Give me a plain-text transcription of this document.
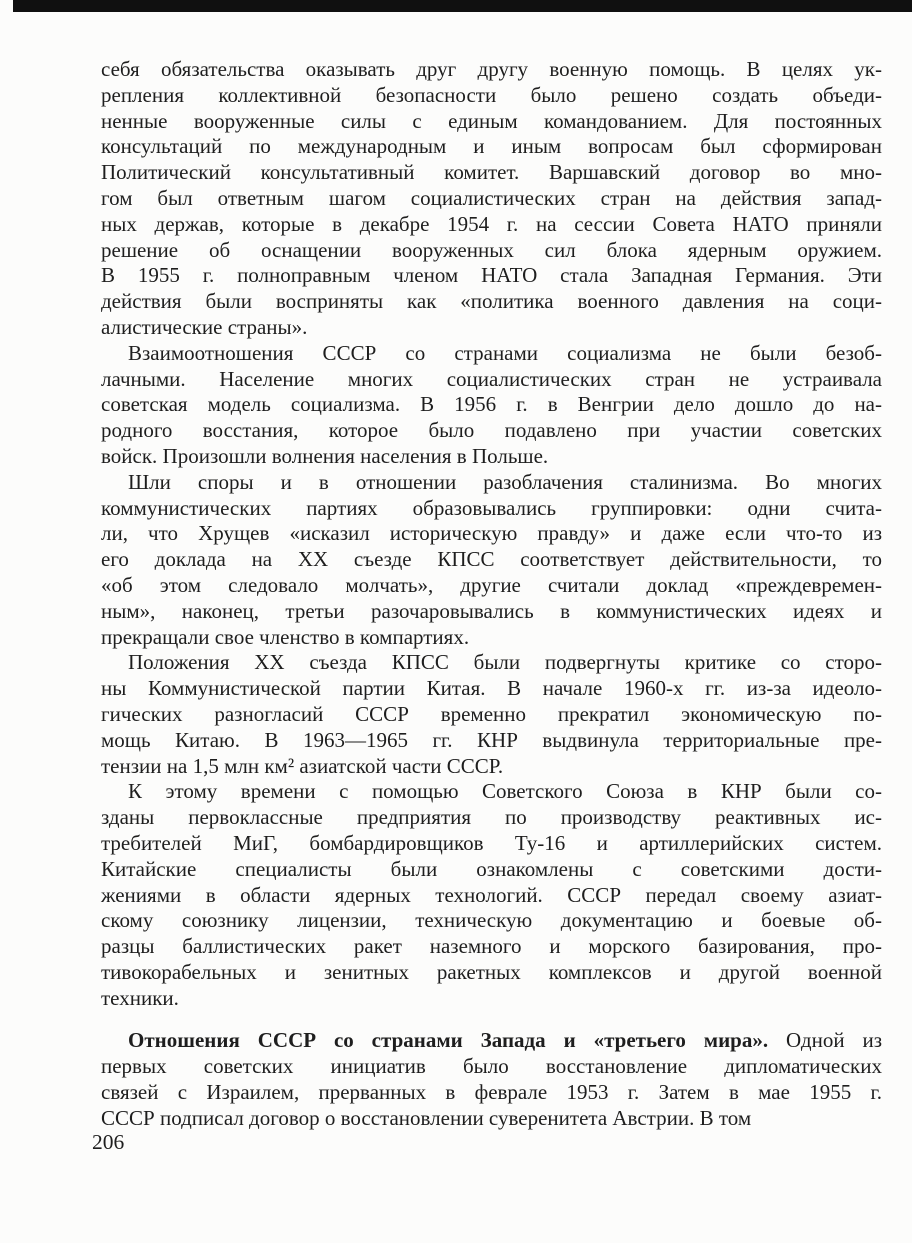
себя обязательства оказывать друг другу военную помощь. В целях ук-
репления коллективной безопасности было решено создать объеди-
ненные вооруженные силы с единым командованием. Для постоянных
консультаций по международным и иным вопросам был сформирован
Политический консультативный комитет. Варшавский договор во мно-
гом был ответным шагом социалистических стран на действия запад-
ных держав, которые в декабре 1954 г. на сессии Совета НАТО приняли
решение об оснащении вооруженных сил блока ядерным оружием.
В 1955 г. полноправным членом НАТО стала Западная Германия. Эти
действия были восприняты как «политика военного давления на соци-
алистические страны».
Взаимоотношения СССР со странами социализма не были безоб-
лачными. Население многих социалистических стран не устраивала
советская модель социализма. В 1956 г. в Венгрии дело дошло до на-
родного восстания, которое было подавлено при участии советских
войск. Произошли волнения населения в Польше.
Шли споры и в отношении разоблачения сталинизма. Во многих
коммунистических партиях образовывались группировки: одни счита-
ли, что Хрущев «исказил историческую правду» и даже если что-то из
его доклада на XX съезде КПСС соответствует действительности, то
«об этом следовало молчать», другие считали доклад «преждевремен-
ным», наконец, третьи разочаровывались в коммунистических идеях и
прекращали свое членство в компартиях.
Положения XX съезда КПСС были подвергнуты критике со сторо-
ны Коммунистической партии Китая. В начале 1960-х гг. из-за идеоло-
гических разногласий СССР временно прекратил экономическую по-
мощь Китаю. В 1963—1965 гг. КНР выдвинула территориальные пре-
тензии на 1,5 млн км² азиатской части СССР.
К этому времени с помощью Советского Союза в КНР были со-
зданы первоклассные предприятия по производству реактивных ис-
требителей МиГ, бомбардировщиков Ту-16 и артиллерийских систем.
Китайские специалисты были ознакомлены с советскими дости-
жениями в области ядерных технологий. СССР передал своему азиат-
скому союзнику лицензии, техническую документацию и боевые об-
разцы баллистических ракет наземного и морского базирования, про-
тивокорабельных и зенитных ракетных комплексов и другой военной
техники.
Отношения СССР со странами Запада и «третьего мира». Одной из
первых советских инициатив было восстановление дипломатических
связей с Израилем, прерванных в феврале 1953 г. Затем в мае 1955 г.
СССР подписал договор о восстановлении суверенитета Австрии. В том
206
